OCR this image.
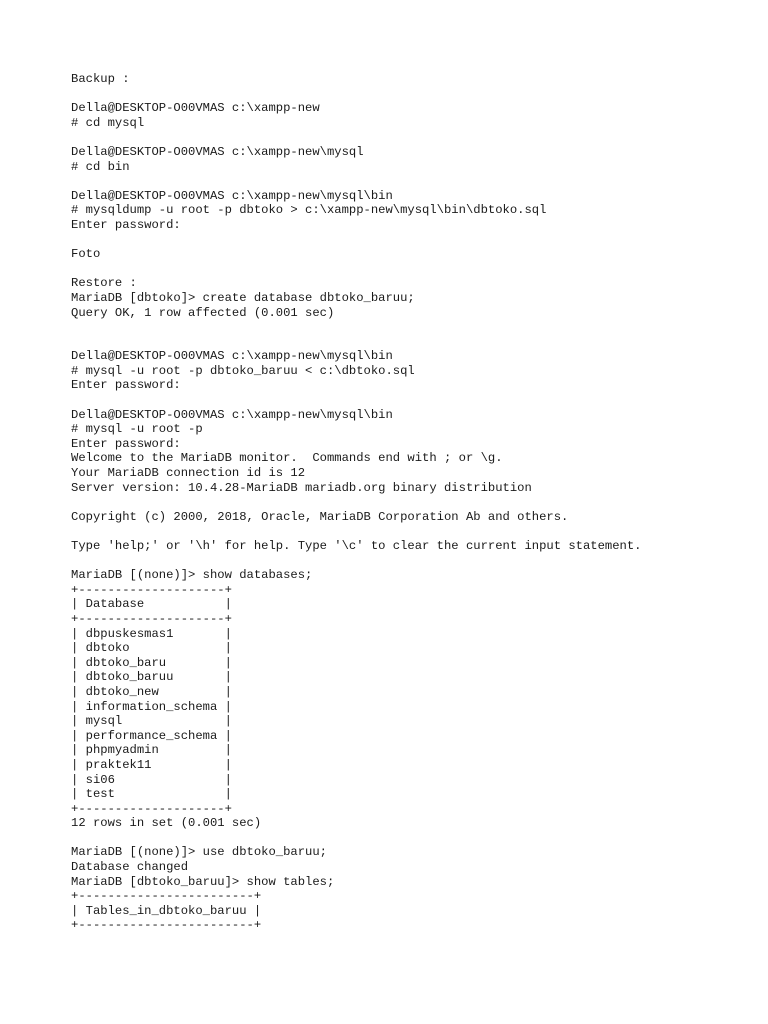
Backup :
Della@DESKTOP-O00VMAS c:\xampp-new
# cd mysql
Della@DESKTOP-O00VMAS c:\xampp-new\mysql
# cd bin
Della@DESKTOP-O00VMAS c:\xampp-new\mysql\bin
# mysqldump -u root -p dbtoko > c:\xampp-new\mysql\bin\dbtoko.sql
Enter password:
Foto
Restore :
MariaDB [dbtoko]> create database dbtoko_baruu;
Query OK, 1 row affected (0.001 sec)
Della@DESKTOP-O00VMAS c:\xampp-new\mysql\bin
# mysql -u root -p dbtoko_baruu < c:\dbtoko.sql
Enter password:
Della@DESKTOP-O00VMAS c:\xampp-new\mysql\bin
# mysql -u root -p
Enter password:
Welcome to the MariaDB monitor.  Commands end with ; or \g.
Your MariaDB connection id is 12
Server version: 10.4.28-MariaDB mariadb.org binary distribution
Copyright (c) 2000, 2018, Oracle, MariaDB Corporation Ab and others.
Type 'help;' or '\h' for help. Type '\c' to clear the current input statement.
MariaDB [(none)]> show databases;
+--------------------+
| Database           |
+--------------------+
| dbpuskesmas1       |
| dbtoko             |
| dbtoko_baru        |
| dbtoko_baruu       |
| dbtoko_new         |
| information_schema |
| mysql              |
| performance_schema |
| phpmyadmin         |
| praktek11          |
| si06               |
| test               |
+--------------------+
12 rows in set (0.001 sec)
MariaDB [(none)]> use dbtoko_baruu;
Database changed
MariaDB [dbtoko_baruu]> show tables;
+------------------------+
| Tables_in_dbtoko_baruu |
+------------------------+
